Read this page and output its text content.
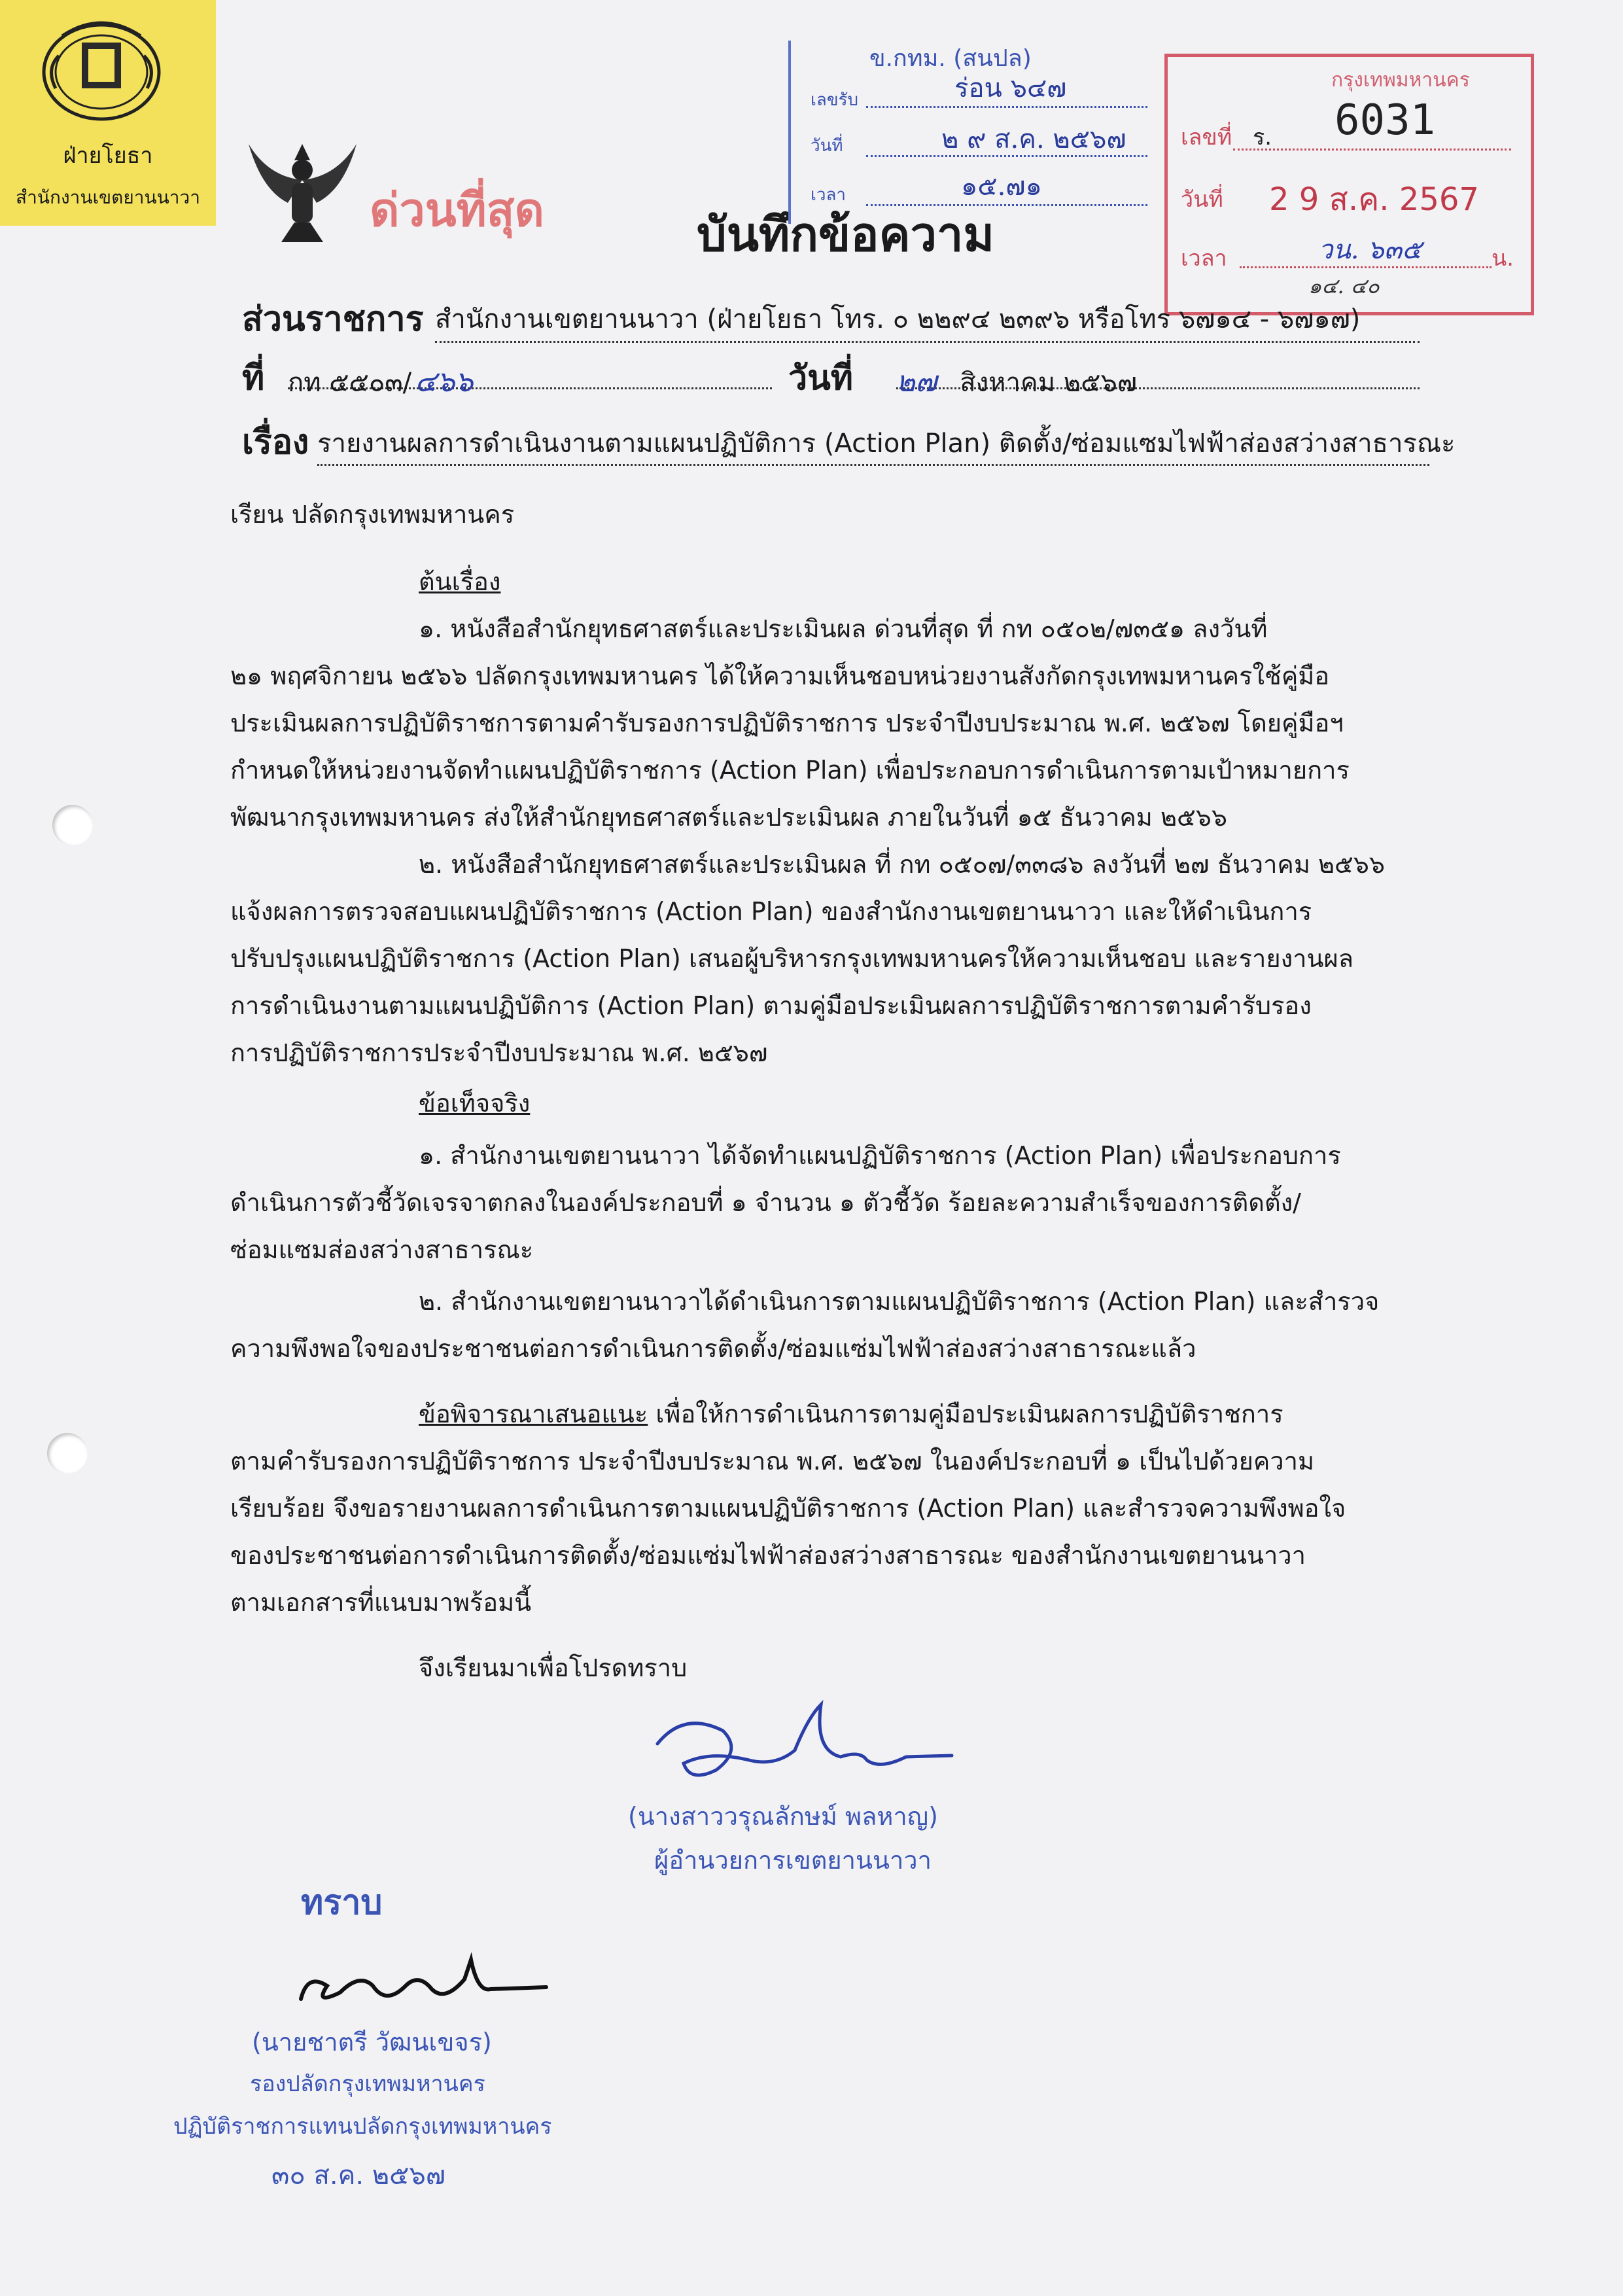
ฝ่ายโยธา
สำนักงานเขตยานนาวา	ด่วนที่สุด	บันทึกข้อความ
ข.กทม. (สนปล)
เลขรับ	ร่อน ๖๔๗
วันที่	๒ ๙ ส.ค. ๒๕๖๗
เวลา	๑๕.๗๑
กรุงเทพมหานคร
เลขที่ ร. 6031
วันที่ 2 9 ส.ค. 2567
เวลา	วน. ๖๓๕	น.
๑๔. ๔๐
ส่วนราชการ สำนักงานเขตยานนาวา (ฝ่ายโยธา โทร. ๐ ๒๒๙๔ ๒๓๙๖ หรือโทร ๖๗๑๔ - ๖๗๑๗)
ที่ กท ๕๕๐๓/ ๔๖๖	วันที่ ๒๗ สิงหาคม ๒๕๖๗
เรื่อง รายงานผลการดำเนินงานตามแผนปฏิบัติการ (Action Plan) ติดตั้ง/ซ่อมแซมไฟฟ้าส่องสว่างสาธารณะ
เรียน ปลัดกรุงเทพมหานคร
ต้นเรื่อง
๑. หนังสือสำนักยุทธศาสตร์และประเมินผล ด่วนที่สุด ที่ กท ๐๕๐๒/๗๓๕๑ ลงวันที่
๒๑ พฤศจิกายน ๒๕๖๖ ปลัดกรุงเทพมหานคร ได้ให้ความเห็นชอบหน่วยงานสังกัดกรุงเทพมหานครใช้คู่มือ
ประเมินผลการปฏิบัติราชการตามคำรับรองการปฏิบัติราชการ ประจำปีงบประมาณ พ.ศ. ๒๕๖๗ โดยคู่มือฯ
กำหนดให้หน่วยงานจัดทำแผนปฏิบัติราชการ (Action Plan) เพื่อประกอบการดำเนินการตามเป้าหมายการ
พัฒนากรุงเทพมหานคร ส่งให้สำนักยุทธศาสตร์และประเมินผล ภายในวันที่ ๑๕ ธันวาคม ๒๕๖๖
๒. หนังสือสำนักยุทธศาสตร์และประเมินผล ที่ กท ๐๕๐๗/๓๓๘๖ ลงวันที่ ๒๗ ธันวาคม ๒๕๖๖
แจ้งผลการตรวจสอบแผนปฏิบัติราชการ (Action Plan) ของสำนักงานเขตยานนาวา และให้ดำเนินการ
ปรับปรุงแผนปฏิบัติราชการ (Action Plan) เสนอผู้บริหารกรุงเทพมหานครให้ความเห็นชอบ และรายงานผล
การดำเนินงานตามแผนปฏิบัติการ (Action Plan) ตามคู่มือประเมินผลการปฏิบัติราชการตามคำรับรอง
การปฏิบัติราชการประจำปีงบประมาณ พ.ศ. ๒๕๖๗
ข้อเท็จจริง
๑. สำนักงานเขตยานนาวา ได้จัดทำแผนปฏิบัติราชการ (Action Plan) เพื่อประกอบการ
ดำเนินการตัวชี้วัดเจรจาตกลงในองค์ประกอบที่ ๑ จำนวน ๑ ตัวชี้วัด ร้อยละความสำเร็จของการติดตั้ง/
ซ่อมแซมส่องสว่างสาธารณะ
๒. สำนักงานเขตยานนาวาได้ดำเนินการตามแผนปฏิบัติราชการ (Action Plan) และสำรวจ
ความพึงพอใจของประชาชนต่อการดำเนินการติดตั้ง/ซ่อมแซ่มไฟฟ้าส่องสว่างสาธารณะแล้ว
ข้อพิจารณาเสนอแนะ เพื่อให้การดำเนินการตามคู่มือประเมินผลการปฏิบัติราชการ
ตามคำรับรองการปฏิบัติราชการ ประจำปีงบประมาณ พ.ศ. ๒๕๖๗ ในองค์ประกอบที่ ๑ เป็นไปด้วยความ
เรียบร้อย จึงขอรายงานผลการดำเนินการตามแผนปฏิบัติราชการ (Action Plan) และสำรวจความพึงพอใจ
ของประชาชนต่อการดำเนินการติดตั้ง/ซ่อมแซ่มไฟฟ้าส่องสว่างสาธารณะ ของสำนักงานเขตยานนาวา
ตามเอกสารที่แนบมาพร้อมนี้
จึงเรียนมาเพื่อโปรดทราบ
(นางสาววรุณลักษม์ พลหาญ)
ผู้อำนวยการเขตยานนาวา
ทราบ
(นายชาตรี วัฒนเขจร)
รองปลัดกรุงเทพมหานคร
ปฏิบัติราชการแทนปลัดกรุงเทพมหานคร
๓๐ ส.ค. ๒๕๖๗
